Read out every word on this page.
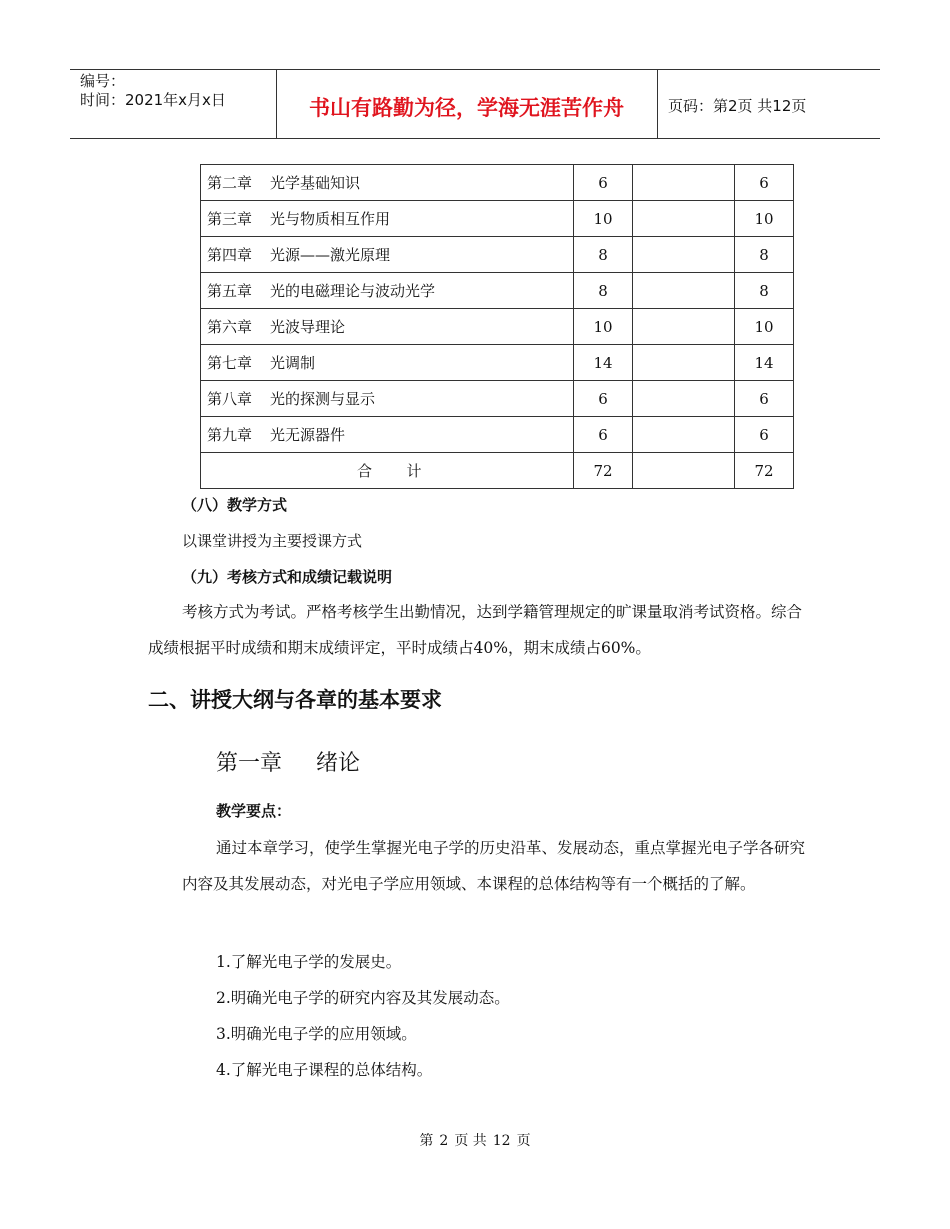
编号：
时间：2021年x月x日	书山有路勤为径，学海无涯苦作舟	页码：第2页 共12页
第二章 光学基础知识	6		6
第三章 光与物质相互作用	10		10
第四章 光源——激光原理	8		8
第五章 光的电磁理论与波动光学	8		8
第六章 光波导理论	10		10
第七章 光调制	14		14
第八章 光的探测与显示	6		6
第九章 光无源器件	6		6
合　　计	72		72
（八）教学方式
以课堂讲授为主要授课方式
（九）考核方式和成绩记载说明
考核方式为考试。严格考核学生出勤情况，达到学籍管理规定的旷课量取消考试资格。综合成绩根据平时成绩和期末成绩评定，平时成绩占40%，期末成绩占60%。
二、讲授大纲与各章的基本要求
第一章 绪论
教学要点：
通过本章学习，使学生掌握光电子学的历史沿革、发展动态，重点掌握光电子学各研究内容及其发展动态，对光电子学应用领域、本课程的总体结构等有一个概括的了解。
1.了解光电子学的发展史。
2.明确光电子学的研究内容及其发展动态。
3.明确光电子学的应用领域。
4.了解光电子课程的总体结构。
第 2 页 共 12 页
